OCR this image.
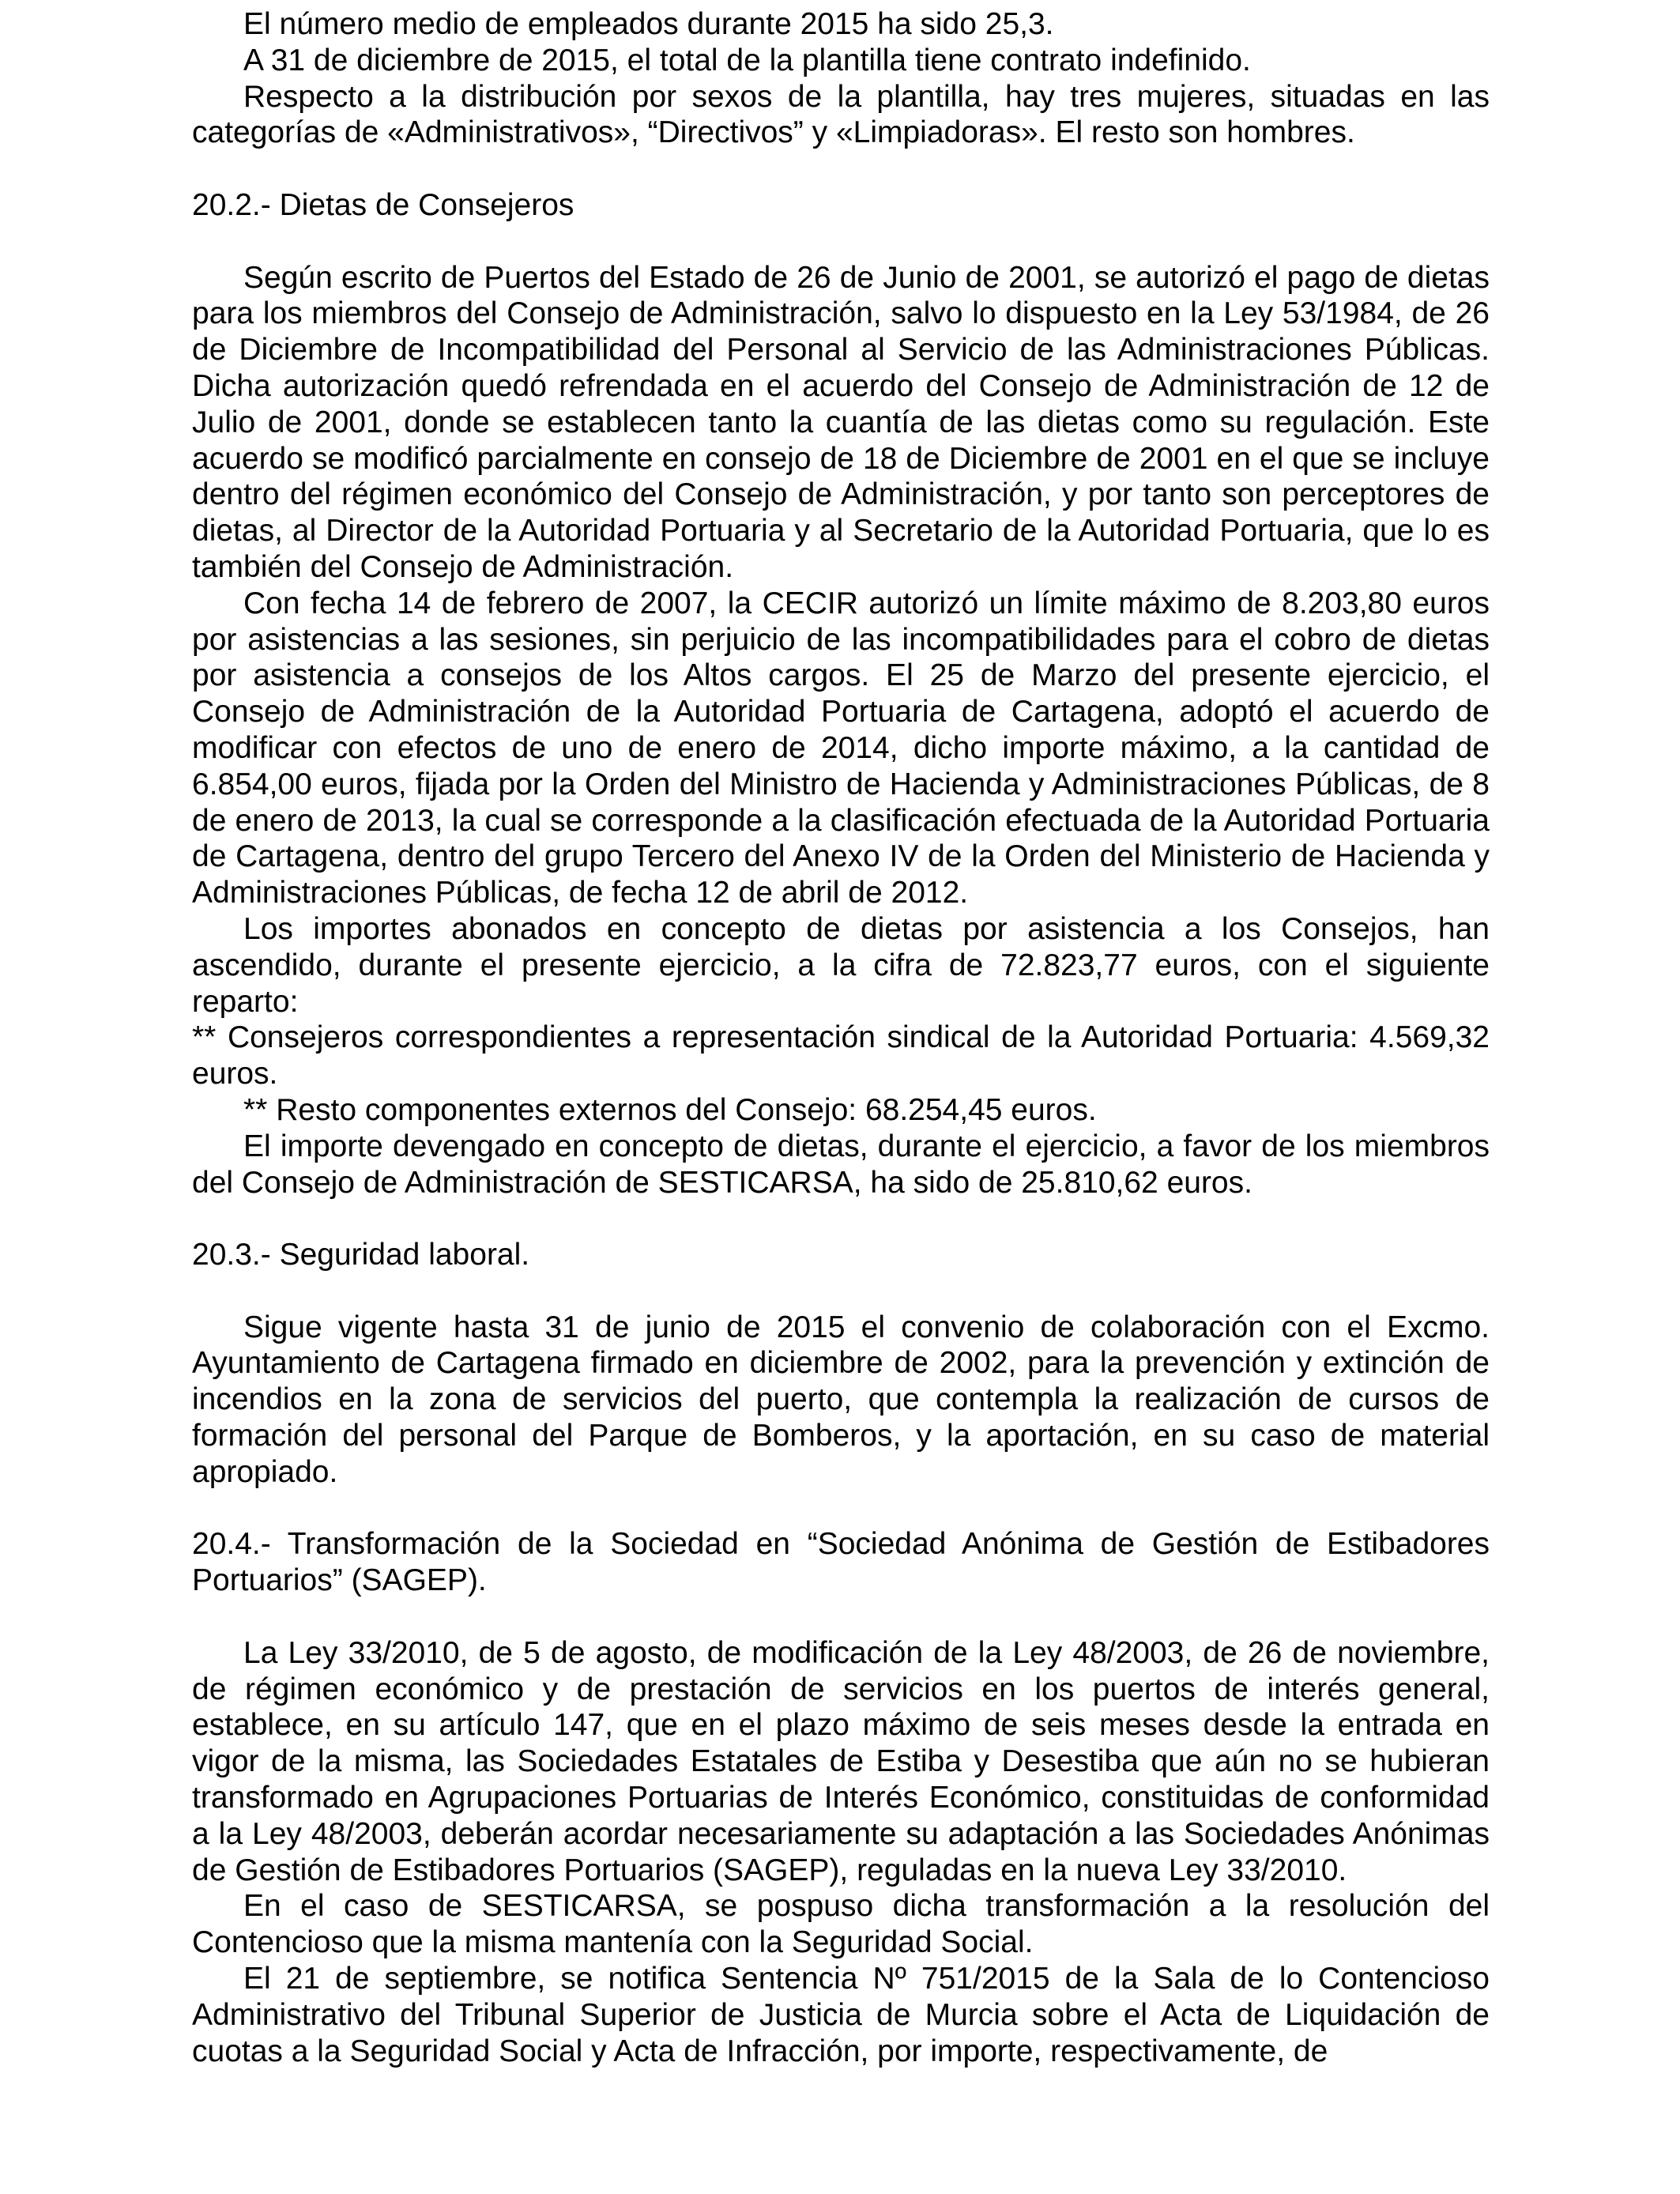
El número medio de empleados durante 2015 ha sido 25,3.

A 31 de diciembre de 2015, el total de la plantilla tiene contrato indefinido.

Respecto a la distribución por sexos de la plantilla, hay tres mujeres, situadas en las categorías de «Administrativos», “Directivos” y «Limpiadoras». El resto son hombres.

20.2.- Dietas de Consejeros

Según escrito de Puertos del Estado de 26 de Junio de 2001, se autorizó el pago de dietas para los miembros del Consejo de Administración, salvo lo dispuesto en la Ley 53/1984, de 26 de Diciembre de Incompatibilidad del Personal al Servicio de las Administraciones Públicas. Dicha autorización quedó refrendada en el acuerdo del Consejo de Administración de 12 de Julio de 2001, donde se establecen tanto la cuantía de las dietas como su regulación. Este acuerdo se modificó parcialmente en consejo de 18 de Diciembre de 2001 en el que se incluye dentro del régimen económico del Consejo de Administración, y por tanto son perceptores de dietas, al Director de la Autoridad Portuaria y al Secretario de la Autoridad Portuaria, que lo es también del Consejo de Administración.

Con fecha 14 de febrero de 2007, la CECIR autorizó un límite máximo de 8.203,80 euros por asistencias a las sesiones, sin perjuicio de las incompatibilidades para el cobro de dietas por asistencia a consejos de los Altos cargos. El 25 de Marzo del presente ejercicio, el Consejo de Administración de la Autoridad Portuaria de Cartagena, adoptó el acuerdo de modificar con efectos de uno de enero de 2014, dicho importe máximo, a la cantidad de 6.854,00 euros, fijada por la Orden del Ministro de Hacienda y Administraciones Públicas, de 8 de enero de 2013, la cual se corresponde a la clasificación efectuada de la Autoridad Portuaria de Cartagena, dentro del grupo Tercero del Anexo IV de la Orden del Ministerio de Hacienda y Administraciones Públicas, de fecha 12 de abril de 2012.

Los importes abonados en concepto de dietas por asistencia a los Consejos, han ascendido, durante el presente ejercicio, a la cifra de 72.823,77 euros, con el siguiente reparto:

** Consejeros correspondientes a representación sindical de la Autoridad Portuaria: 4.569,32 euros.

** Resto componentes externos del Consejo: 68.254,45 euros.

El importe devengado en concepto de dietas, durante el ejercicio, a favor de los miembros del Consejo de Administración de SESTICARSA, ha sido de 25.810,62 euros.

20.3.- Seguridad laboral.

Sigue vigente hasta 31 de junio de 2015 el convenio de colaboración con el Excmo. Ayuntamiento de Cartagena firmado en diciembre de 2002, para la prevención y extinción de incendios en la zona de servicios del puerto, que contempla la realización de cursos de formación del personal del Parque de Bomberos, y la aportación, en su caso de material apropiado.

20.4.- Transformación de la Sociedad en “Sociedad Anónima de Gestión de Estibadores Portuarios” (SAGEP).

La Ley 33/2010, de 5 de agosto, de modificación de la Ley 48/2003, de 26 de noviembre, de régimen económico y de prestación de servicios en los puertos de interés general, establece, en su artículo 147, que en el plazo máximo de seis meses desde la entrada en vigor de la misma, las Sociedades Estatales de Estiba y Desestiba que aún no se hubieran transformado en Agrupaciones Portuarias de Interés Económico, constituidas de conformidad a la Ley 48/2003, deberán acordar necesariamente su adaptación a las Sociedades Anónimas de Gestión de Estibadores Portuarios (SAGEP), reguladas en la nueva Ley 33/2010.

En el caso de SESTICARSA, se pospuso dicha transformación a la resolución del Contencioso que la misma mantenía con la Seguridad Social.

El 21 de septiembre, se notifica Sentencia Nº 751/2015 de la Sala de lo Contencioso Administrativo del Tribunal Superior de Justicia de Murcia sobre el Acta de Liquidación de cuotas a la Seguridad Social y Acta de Infracción, por importe, respectivamente, de
